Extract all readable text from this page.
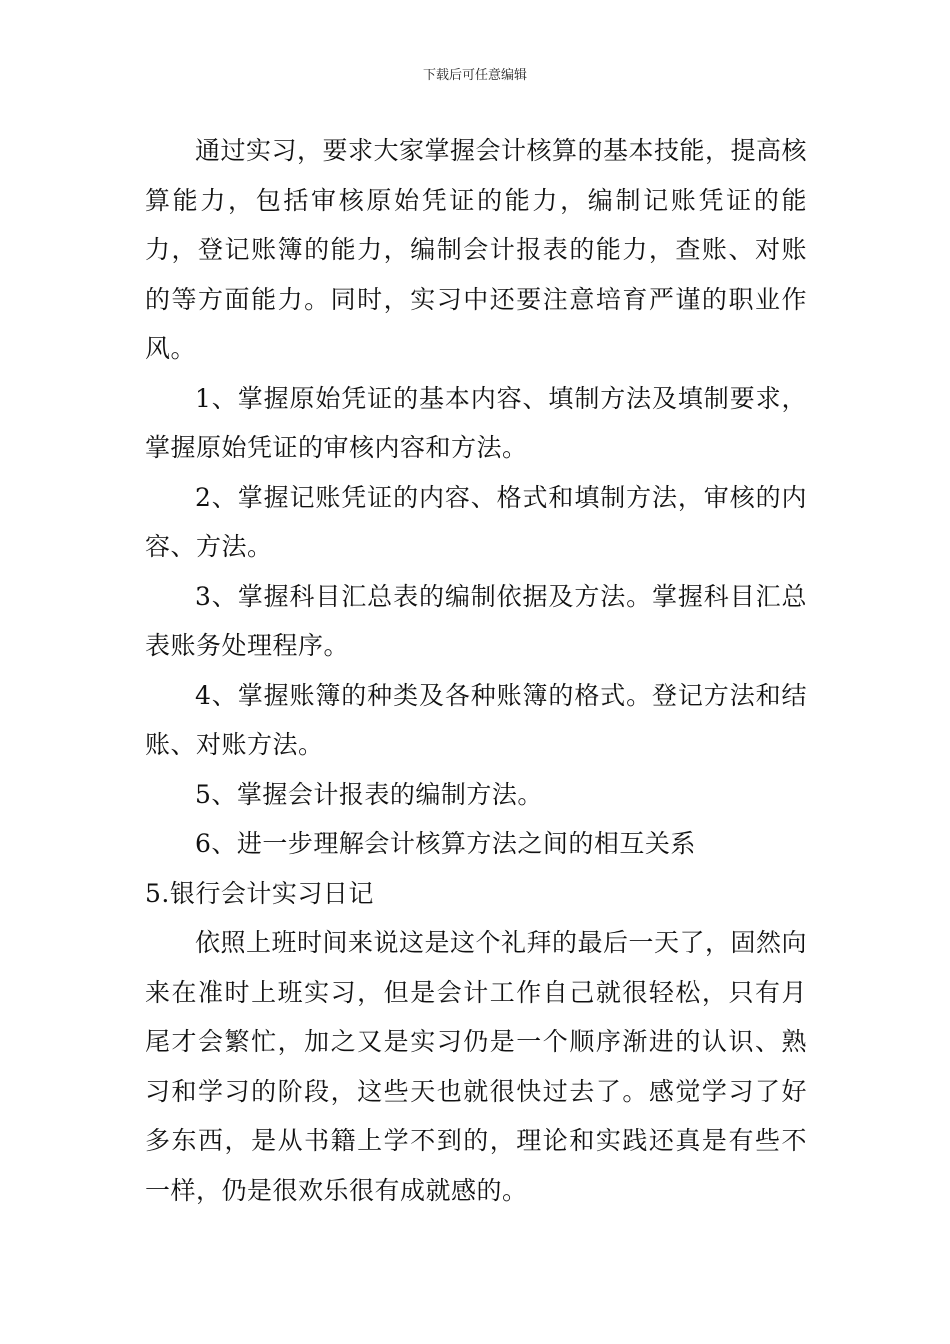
下载后可任意编辑

通过实习，要求大家掌握会计核算的基本技能，提高核算能力，包括审核原始凭证的能力，编制记账凭证的能力，登记账簿的能力，编制会计报表的能力，查账、对账的等方面能力。同时，实习中还要注意培育严谨的职业作风。

1、掌握原始凭证的基本内容、填制方法及填制要求，掌握原始凭证的审核内容和方法。

2、掌握记账凭证的内容、格式和填制方法，审核的内容、方法。

3、掌握科目汇总表的编制依据及方法。掌握科目汇总表账务处理程序。

4、掌握账簿的种类及各种账簿的格式。登记方法和结账、对账方法。

5、掌握会计报表的编制方法。

6、进一步理解会计核算方法之间的相互关系

5.银行会计实习日记

依照上班时间来说这是这个礼拜的最后一天了，固然向来在准时上班实习，但是会计工作自己就很轻松，只有月尾才会繁忙，加之又是实习仍是一个顺序渐进的认识、熟习和学习的阶段，这些天也就很快过去了。感觉学习了好多东西，是从书籍上学不到的，理论和实践还真是有些不一样，仍是很欢乐很有成就感的。
